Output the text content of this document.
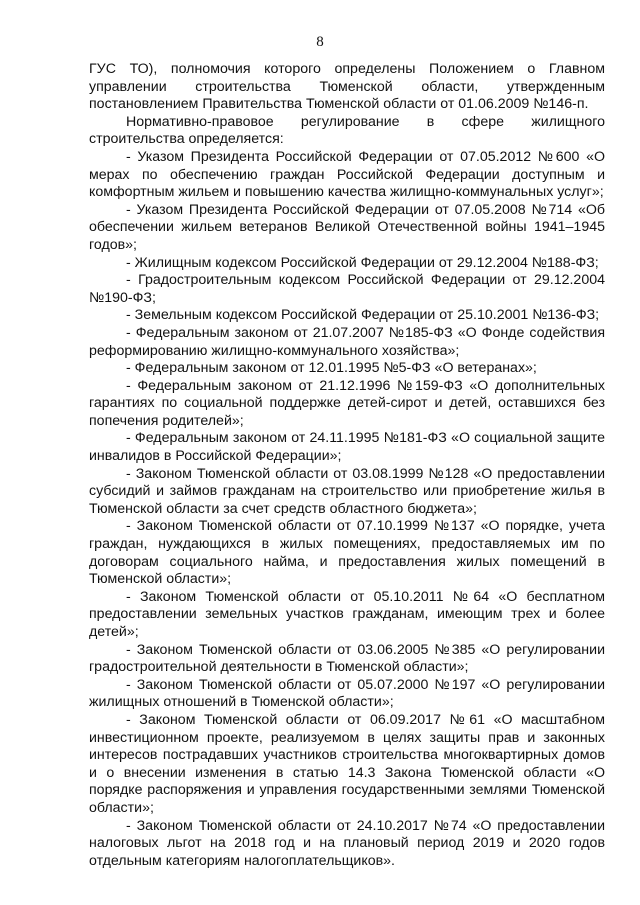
8

ГУС ТО), полномочия которого определены Положением о Главном управлении строительства Тюменской области, утвержденным постановлением Правительства Тюменской области от 01.06.2009 №146-п.

Нормативно-правовое регулирование в сфере жилищного строительства определяется:

- Указом Президента Российской Федерации от 07.05.2012 №600 «О мерах по обеспечению граждан Российской Федерации доступным и комфортным жильем и повышению качества жилищно-коммунальных услуг»;

- Указом Президента Российской Федерации от 07.05.2008 №714 «Об обеспечении жильем ветеранов Великой Отечественной войны 1941–1945 годов»;

- Жилищным кодексом Российской Федерации от 29.12.2004 №188-ФЗ;

- Градостроительным кодексом Российской Федерации от 29.12.2004 №190-ФЗ;

- Земельным кодексом Российской Федерации от 25.10.2001 №136-ФЗ;

- Федеральным законом от 21.07.2007 №185-ФЗ «О Фонде содействия реформированию жилищно-коммунального хозяйства»;

- Федеральным законом от 12.01.1995 №5-ФЗ «О ветеранах»;

- Федеральным законом от 21.12.1996 №159-ФЗ «О дополнительных гарантиях по социальной поддержке детей-сирот и детей, оставшихся без попечения родителей»;

- Федеральным законом от 24.11.1995 №181-ФЗ «О социальной защите инвалидов в Российской Федерации»;

- Законом Тюменской области от 03.08.1999 №128 «О предоставлении субсидий и займов гражданам на строительство или приобретение жилья в Тюменской области за счет средств областного бюджета»;

- Законом Тюменской области от 07.10.1999 №137 «О порядке, учета граждан, нуждающихся в жилых помещениях, предоставляемых им по договорам социального найма, и предоставления жилых помещений в Тюменской области»;

- Законом Тюменской области от 05.10.2011 №64 «О бесплатном предоставлении земельных участков гражданам, имеющим трех и более детей»;

- Законом Тюменской области от 03.06.2005 №385 «О регулировании градостроительной деятельности в Тюменской области»;

- Законом Тюменской области от 05.07.2000 №197 «О регулировании жилищных отношений в Тюменской области»;

- Законом Тюменской области от 06.09.2017 №61 «О масштабном инвестиционном проекте, реализуемом в целях защиты прав и законных интересов пострадавших участников строительства многоквартирных домов и о внесении изменения в статью 14.3 Закона Тюменской области «О порядке распоряжения и управления государственными землями Тюменской области»;

- Законом Тюменской области от 24.10.2017 №74 «О предоставлении налоговых льгот на 2018 год и на плановый период 2019 и 2020 годов отдельным категориям налогоплательщиков».
